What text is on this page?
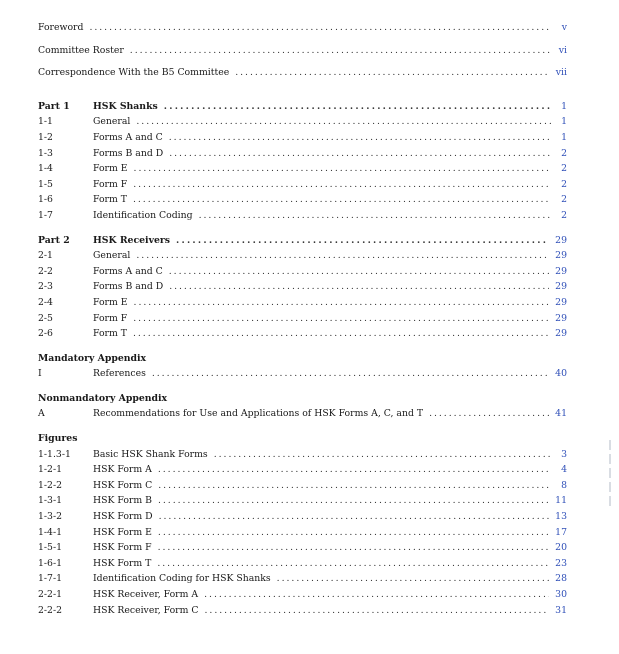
Foreword . . .	v
Committee Roster . . .	vi
Correspondence With the B5 Committee . . .	vii
Part 1	HSK Shanks . . .	1
1-1	General . . .	1
1-2	Forms A and C . . .	1
1-3	Forms B and D . . .	2
1-4	Form E . . .	2
1-5	Form F . . .	2
1-6	Form T . . .	2
1-7	Identification Coding . . .	2
Part 2	HSK Receivers . . .	29
2-1	General . . .	29
2-2	Forms A and C . . .	29
2-3	Forms B and D . . .	29
2-4	Form E . . .	29
2-5	Form F . . .	29
2-6	Form T . . .	29
Mandatory Appendix
I	References . . .	40
Nonmandatory Appendix
A	Recommendations for Use and Applications of HSK Forms A, C, and T . . .	41
Figures
1-1.3-1	Basic HSK Shank Forms . . .	3
1-2-1	HSK Form A . . .	4
1-2-2	HSK Form C . . .	8
1-3-1	HSK Form B . . .	11
1-3-2	HSK Form D . . .	13
1-4-1	HSK Form E . . .	17
1-5-1	HSK Form F . . .	20
1-6-1	HSK Form T . . .	23
1-7-1	Identification Coding for HSK Shanks . . .	28
2-2-1	HSK Receiver, Form A . . .	30
2-2-2	HSK Receiver, Form C . . .	31
